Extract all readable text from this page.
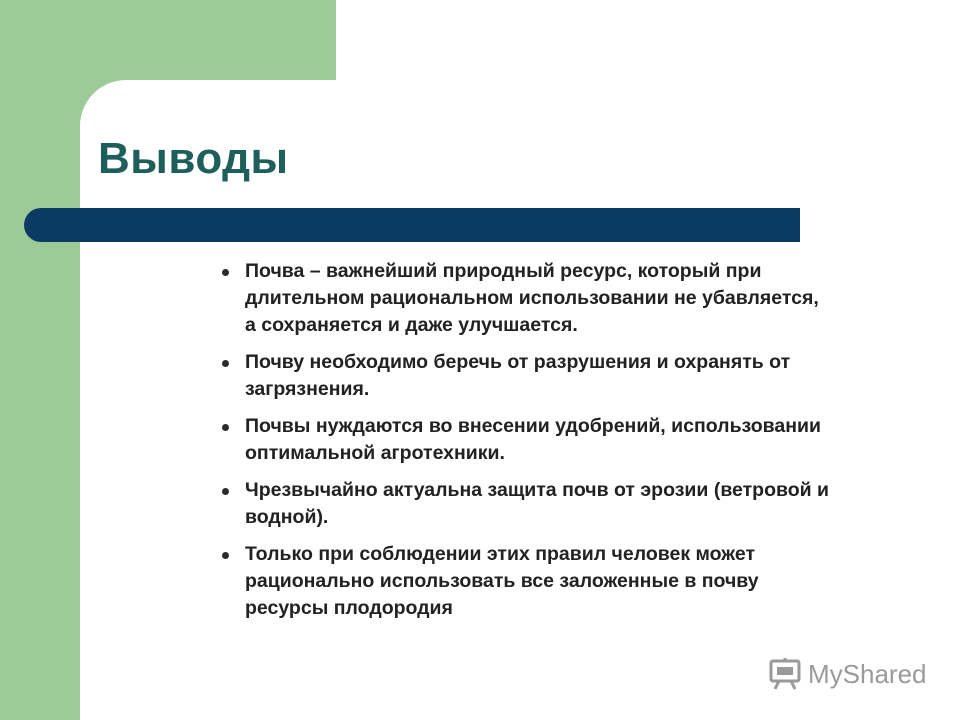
Выводы
Почва – важнейший природный ресурс, который при длительном рациональном использовании не убавляется, а сохраняется и даже улучшается.
Почву необходимо беречь от разрушения и охранять от загрязнения.
Почвы нуждаются во внесении удобрений, использовании оптимальной агротехники.
Чрезвычайно актуальна защита почв от эрозии (ветровой и водной).
Только при соблюдении этих правил человек может рационально использовать все заложенные в почву ресурсы плодородия
MyShared
